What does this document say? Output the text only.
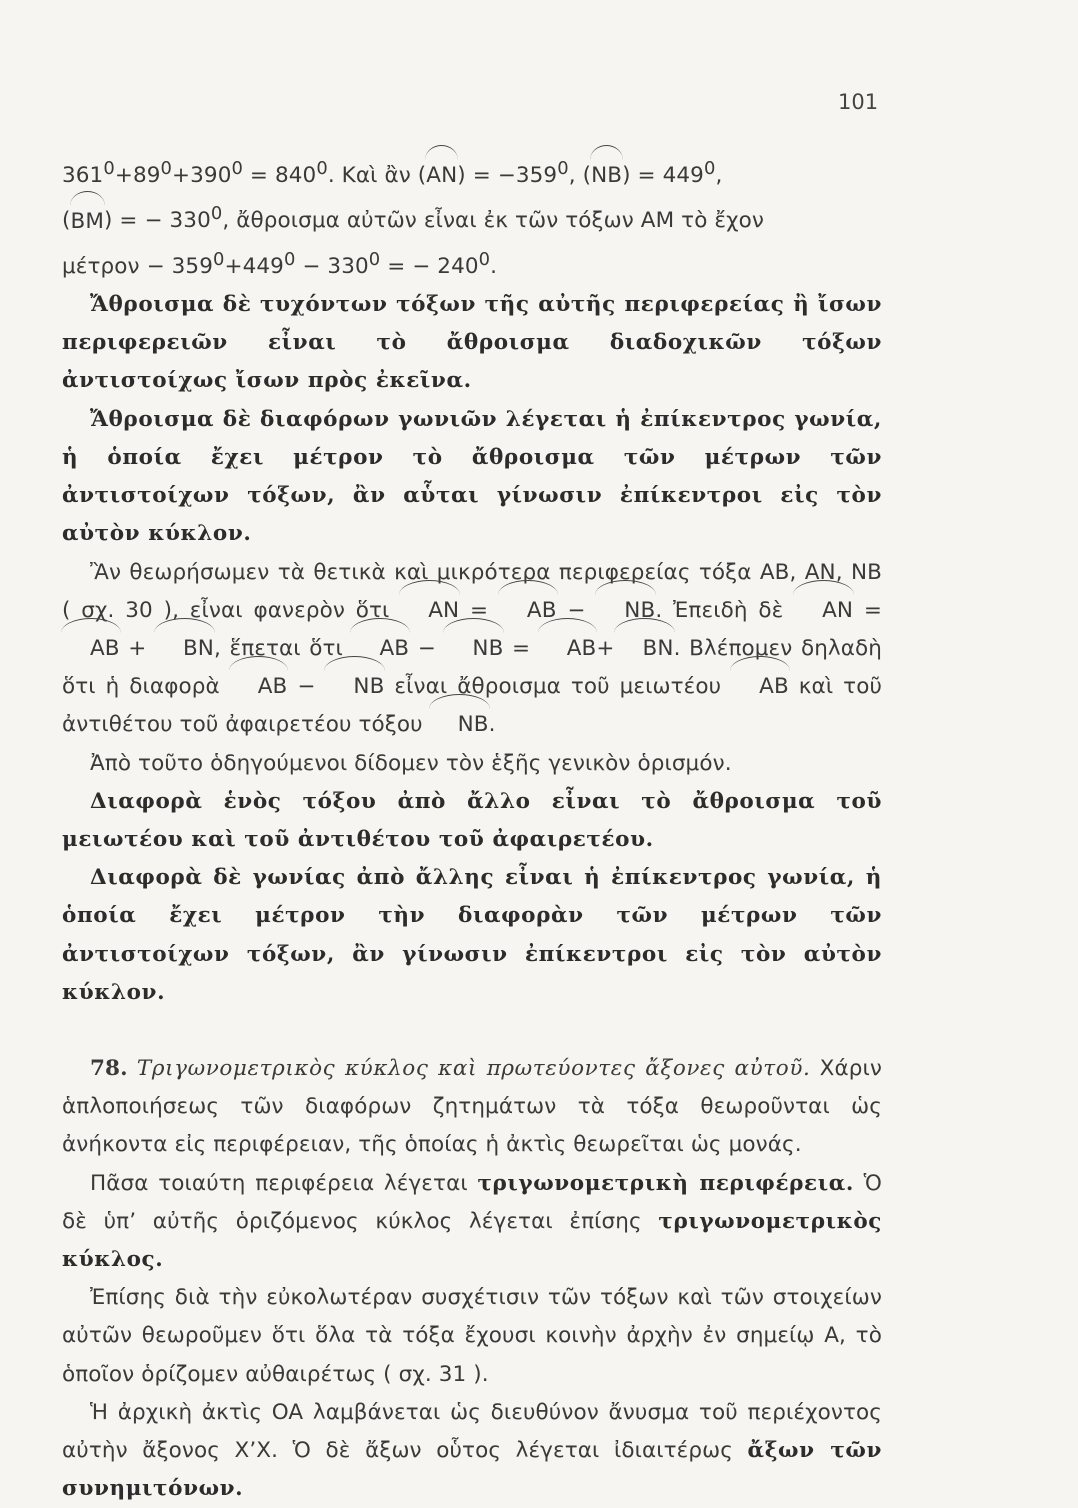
101

$361^0+89^0+390^0 = 840^0$. Καὶ ἂν $(AN) = -359^0$, $(NB) = 449^0$,

(BM) = − $330^0$, ἄθροισμα αὐτῶν εἶναι ἐκ τῶν τόξων AM τὸ ἔχον

$\mu έ\tau\rho o\nu - 359^0+449^0 - 330^0$ = − $240^0$.

Ἄθροισμα δὲ τυχόντων τόξων τῆς αὐτῆς περιφερείας ἢ ἴσων περιφερειῶν εἶναι τὸ ἄθροισμα διαδοχικῶν τόξων ἀντιστοίχως ἴσων πρὸς ἐκεῖνα.

Ἄθροισμα δὲ διαφόρων γωνιῶν λέγεται ἡ ἐπίκεντρος γωνία, ἡ ὁποία ἔχει μέτρον τὸ ἄθροισμα τῶν μέτρων τῶν ἀντιστοίχων τόξων, ἂν αὗται γίνωσιν ἐπίκεντροι εἰς τὸν αὐτὸν κύκλον.

Ἂν θεωρήσωμεν τὰ θετικὰ καὶ μικρότερα περιφερείας τόξα AB, AN, NB ( σχ. 30 ), εἶναι φανερὸν ὅτι AN = AB − NB. Ἐπειδὴ δὲ AN = AB + BN, ἕπεται ὅτι AB − NB = AB+ BN. Βλέπομεν δηλαδὴ ὅτι ἡ διαφορὰ AB − NB εἶναι ἄθροισμα τοῦ μειωτέου AB καὶ τοῦ ἀντιθέτου τοῦ ἀφαιρετέου τόξου NB.

Ἀπὸ τοῦτο ὁδηγούμενοι δίδομεν τὸν ἑξῆς γενικὸν ὁρισμόν.

Διαφορὰ ἑνὸς τόξου ἀπὸ ἄλλο εἶναι τὸ ἄθροισμα τοῦ μειωτέου καὶ τοῦ ἀντιθέτου τοῦ ἀφαιρετέου.

Διαφορὰ δὲ γωνίας ἀπὸ ἄλλης εἶναι ἡ ἐπίκεντρος γωνία, ἡ ὁποία ἔχει μέτρον τὴν διαφορὰν τῶν μέτρων τῶν ἀντιστοίχων τόξων, ἂν γίνωσιν ἐπίκεντροι εἰς τὸν αὐτὸν κύκλον.

78. Τριγωνομετρικὸς κύκλος καὶ πρωτεύοντες ἄξονες αὐτοῦ. Χάριν ἁπλοποιήσεως τῶν διαφόρων ζητημάτων τὰ τόξα θεωροῦνται ὡς ἀνήκοντα εἰς περιφέρειαν, τῆς ὁποίας ἡ ἀκτὶς θεωρεῖται ὡς μονάς.

Πᾶσα τοιαύτη περιφέρεια λέγεται τριγωνομετρικὴ περιφέρεια. Ὁ δὲ ὑπ’ αὐτῆς ὁριζόμενος κύκλος λέγεται ἐπίσης τριγωνομετρικὸς κύκλος.

Ἐπίσης διὰ τὴν εὐκολωτέραν συσχέτισιν τῶν τόξων καὶ τῶν στοιχείων αὐτῶν θεωροῦμεν ὅτι ὅλα τὰ τόξα ἔχουσι κοινὴν ἀρχὴν ἐν σημείῳ A, τὸ ὁποῖον ὁρίζομεν αὐθαιρέτως ( σχ. 31 ).

Ἡ ἀρχικὴ ἀκτὶς OA λαμβάνεται ὡς διευθύνον ἄνυσμα τοῦ περιέχοντος αὐτὴν ἄξονος X’X. Ὁ δὲ ἄξων οὗτος λέγεται ἰδιαιτέρως ἄξων τῶν συνημιτόνων.
